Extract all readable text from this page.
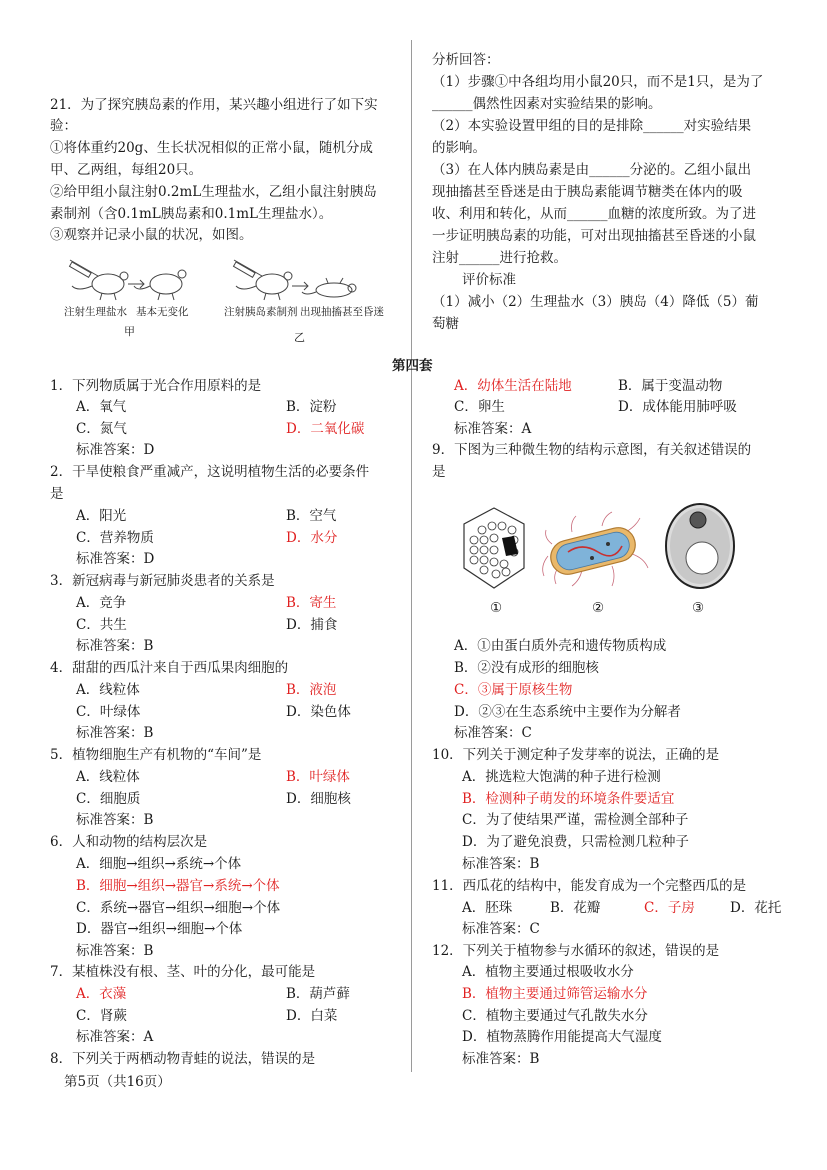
21．为了探究胰岛素的作用，某兴趣小组进行了如下实
验：
①将体重约20g、生长状况相似的正常小鼠，随机分成
甲、乙两组，每组20只。
②给甲组小鼠注射0.2mL生理盐水，乙组小鼠注射胰岛
素制剂（含0.1mL胰岛素和0.1mL生理盐水）。
③观察并记录小鼠的状况，如图。
注射生理盐水 基本无变化
甲
注射胰岛素制剂 出现抽搐甚至昏迷
乙
分析回答：
（1）步骤①中各组均用小鼠20只，而不是1只，是为了
______偶然性因素对实验结果的影响。
（2）本实验设置甲组的目的是排除______对实验结果
的影响。
（3）在人体内胰岛素是由______分泌的。乙组小鼠出
现抽搐甚至昏迷是由于胰岛素能调节糖类在体内的吸
收、利用和转化，从而______血糖的浓度所致。为了进
一步证明胰岛素的功能，可对出现抽搐甚至昏迷的小鼠
注射______进行抢救。
评价标准
（1）减小（2）生理盐水（3）胰岛（4）降低（5）葡
萄糖
第四套
1．下列物质属于光合作用原料的是
A．氧气	B．淀粉
C．氮气	D．二氧化碳
标准答案：D
2．干旱使粮食严重减产，这说明植物生活的必要条件
是
A．阳光	B．空气
C．营养物质	D．水分
标准答案：D
3．新冠病毒与新冠肺炎患者的关系是
A．竞争	B．寄生
C．共生	D．捕食
标准答案：B
4．甜甜的西瓜汁来自于西瓜果肉细胞的
A．线粒体	B．液泡
C．叶绿体	D．染色体
标准答案：B
5．植物细胞生产有机物的“车间”是
A．线粒体	B．叶绿体
C．细胞质	D．细胞核
标准答案：B
6．人和动物的结构层次是
A．细胞→组织→系统→个体
B．细胞→组织→器官→系统→个体
C．系统→器官→组织→细胞→个体
D．器官→组织→细胞→个体
标准答案：B
7．某植株没有根、茎、叶的分化，最可能是
A．衣藻	B．葫芦藓
C．肾蕨	D．白菜
标准答案：A
8．下列关于两栖动物青蛙的说法，错误的是
A．幼体生活在陆地	B．属于变温动物
C．卵生	D．成体能用肺呼吸
标准答案：A
9．下图为三种微生物的结构示意图，有关叙述错误的
是
①	②	③
A．①由蛋白质外壳和遗传物质构成
B．②没有成形的细胞核
C．③属于原核生物
D．②③在生态系统中主要作为分解者
标准答案：C
10．下列关于测定种子发芽率的说法，正确的是
A．挑选粒大饱满的种子进行检测
B．检测种子萌发的环境条件要适宜
C．为了使结果严谨，需检测全部种子
D．为了避免浪费，只需检测几粒种子
标准答案：B
11．西瓜花的结构中，能发育成为一个完整西瓜的是
A．胚珠	B．花瓣	C．子房	D．花托
标准答案：C
12．下列关于植物参与水循环的叙述，错误的是
A．植物主要通过根吸收水分
B．植物主要通过筛管运输水分
C．植物主要通过气孔散失水分
D．植物蒸腾作用能提高大气湿度
标准答案：B
第5页（共16页）
